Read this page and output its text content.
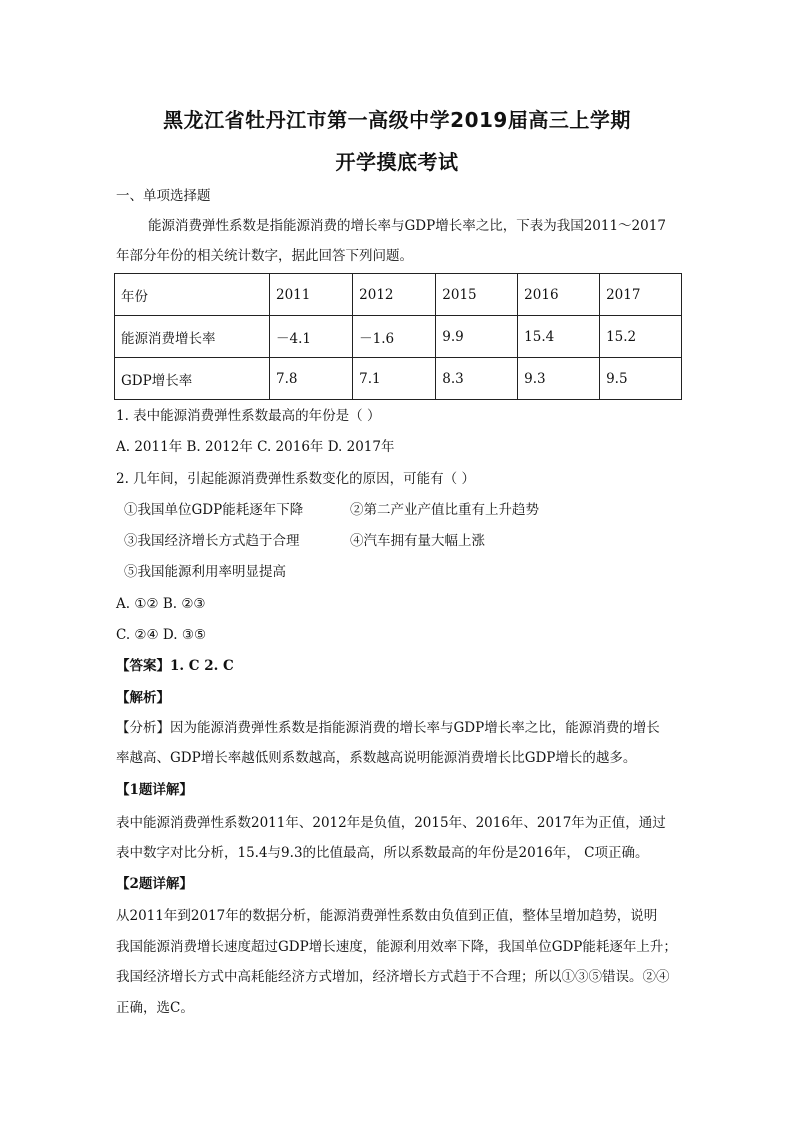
黑龙江省牡丹江市第一高级中学2019届高三上学期
开学摸底考试
一、单项选择题
能源消费弹性系数是指能源消费的增长率与GDP增长率之比，下表为我国2011～2017
年部分年份的相关统计数字，据此回答下列问题。
年份	2011	2012	2015	2016	2017
能源消费增长率	－4.1	－1.6	9.9	15.4	15.2
GDP增长率	7.8	7.1	8.3	9.3	9.5
1. 表中能源消费弹性系数最高的年份是（ ）
A. 2011年 B. 2012年 C. 2016年 D. 2017年
2. 几年间，引起能源消费弹性系数变化的原因，可能有（ ）
①我国单位GDP能耗逐年下降	②第二产业产值比重有上升趋势
③我国经济增长方式趋于合理	④汽车拥有量大幅上涨
⑤我国能源利用率明显提高
A. ①② B. ②③
C. ②④ D. ③⑤
【答案】1. C 2. C
【解析】
【分析】因为能源消费弹性系数是指能源消费的增长率与GDP增长率之比，能源消费的增长
率越高、GDP增长率越低则系数越高，系数越高说明能源消费增长比GDP增长的越多。
【1题详解】
表中能源消费弹性系数2011年、2012年是负值，2015年、2016年、2017年为正值，通过
表中数字对比分析，15.4与9.3的比值最高，所以系数最高的年份是2016年， C项正确。
【2题详解】
从2011年到2017年的数据分析，能源消费弹性系数由负值到正值，整体呈增加趋势，说明
我国能源消费增长速度超过GDP增长速度，能源利用效率下降，我国单位GDP能耗逐年上升；
我国经济增长方式中高耗能经济方式增加，经济增长方式趋于不合理；所以①③⑤错误。②④
正确，选C。
